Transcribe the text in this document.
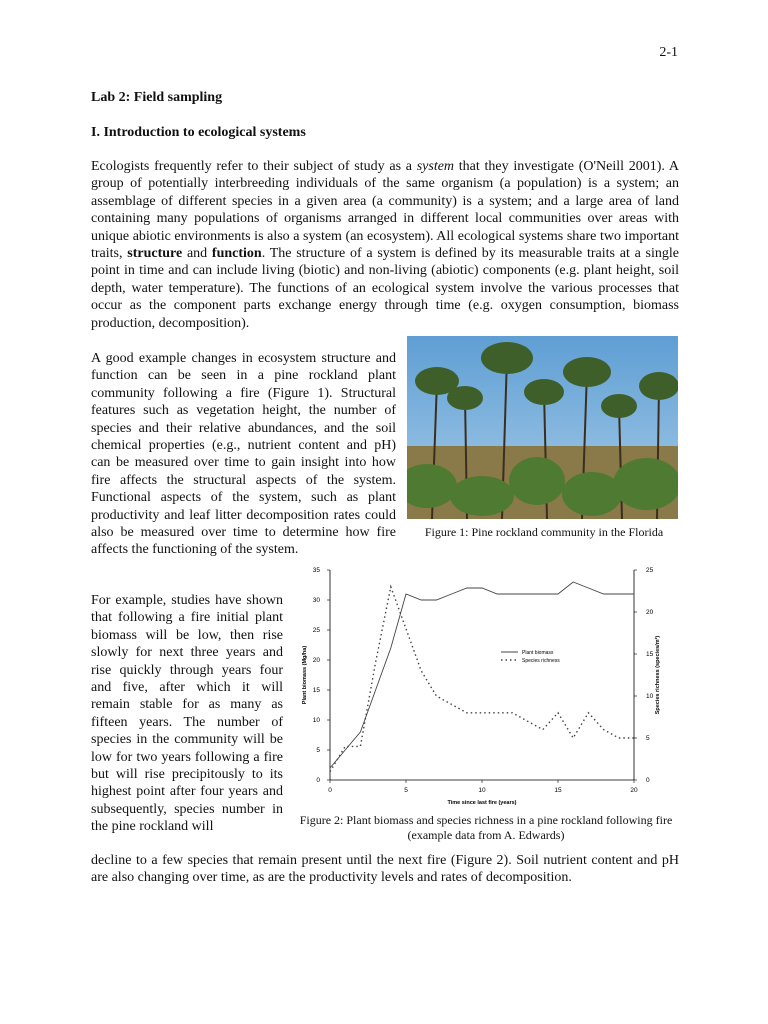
2-1
Lab 2: Field sampling
I. Introduction to ecological systems

Ecologists frequently refer to their subject of study as a system that they investigate (O'Neill 2001). A group of potentially interbreeding individuals of the same organism (a population) is a system; an assemblage of different species in a given area (a community) is a system; and a large area of land containing many populations of organisms arranged in different local communities over areas with unique abiotic environments is also a system (an ecosystem). All ecological systems share two important traits, structure and function. The structure of a system is defined by its measurable traits at a single point in time and can include living (biotic) and non-living (abiotic) components (e.g. plant height, soil depth, water temperature). The functions of an ecological system involve the various processes that occur as the component parts exchange energy through time (e.g. oxygen consumption, biomass production, decomposition).

A good example changes in ecosystem structure and function can be seen in a pine rockland plant community following a fire (Figure 1). Structural features such as vegetation height, the number of species and their relative abundances, and the soil chemical properties (e.g., nutrient content and pH) can be measured over time to gain insight into how fire affects the structural aspects of the system. Functional aspects of the system, such as plant productivity and leaf litter decomposition rates could also be measured over time to determine how fire affects the functioning of the system.

Figure 1: Pine rockland community in the Florida

For example, studies have shown that following a fire initial plant biomass will be low, then rise slowly for next three years and rise quickly through years four and five, after which it will remain stable for as many as fifteen years. The number of species in the community will be low for two years following a fire but will rise precipitously to its highest point after four years and subsequently, species number in the pine rockland will

0	5	10	15	20
0
5
10
15
20
25
30
35
0
5
10
15
20
25
Time since last fire (years)
Plant biomass (Mg/ha)	Species richness (species/m²)
Plant biomass
Species richness

Figure 2: Plant biomass and species richness in a pine rockland following fire (example data from A. Edwards)

decline to a few species that remain present until the next fire (Figure 2). Soil nutrient content and pH are also changing over time, as are the productivity levels and rates of decomposition.
